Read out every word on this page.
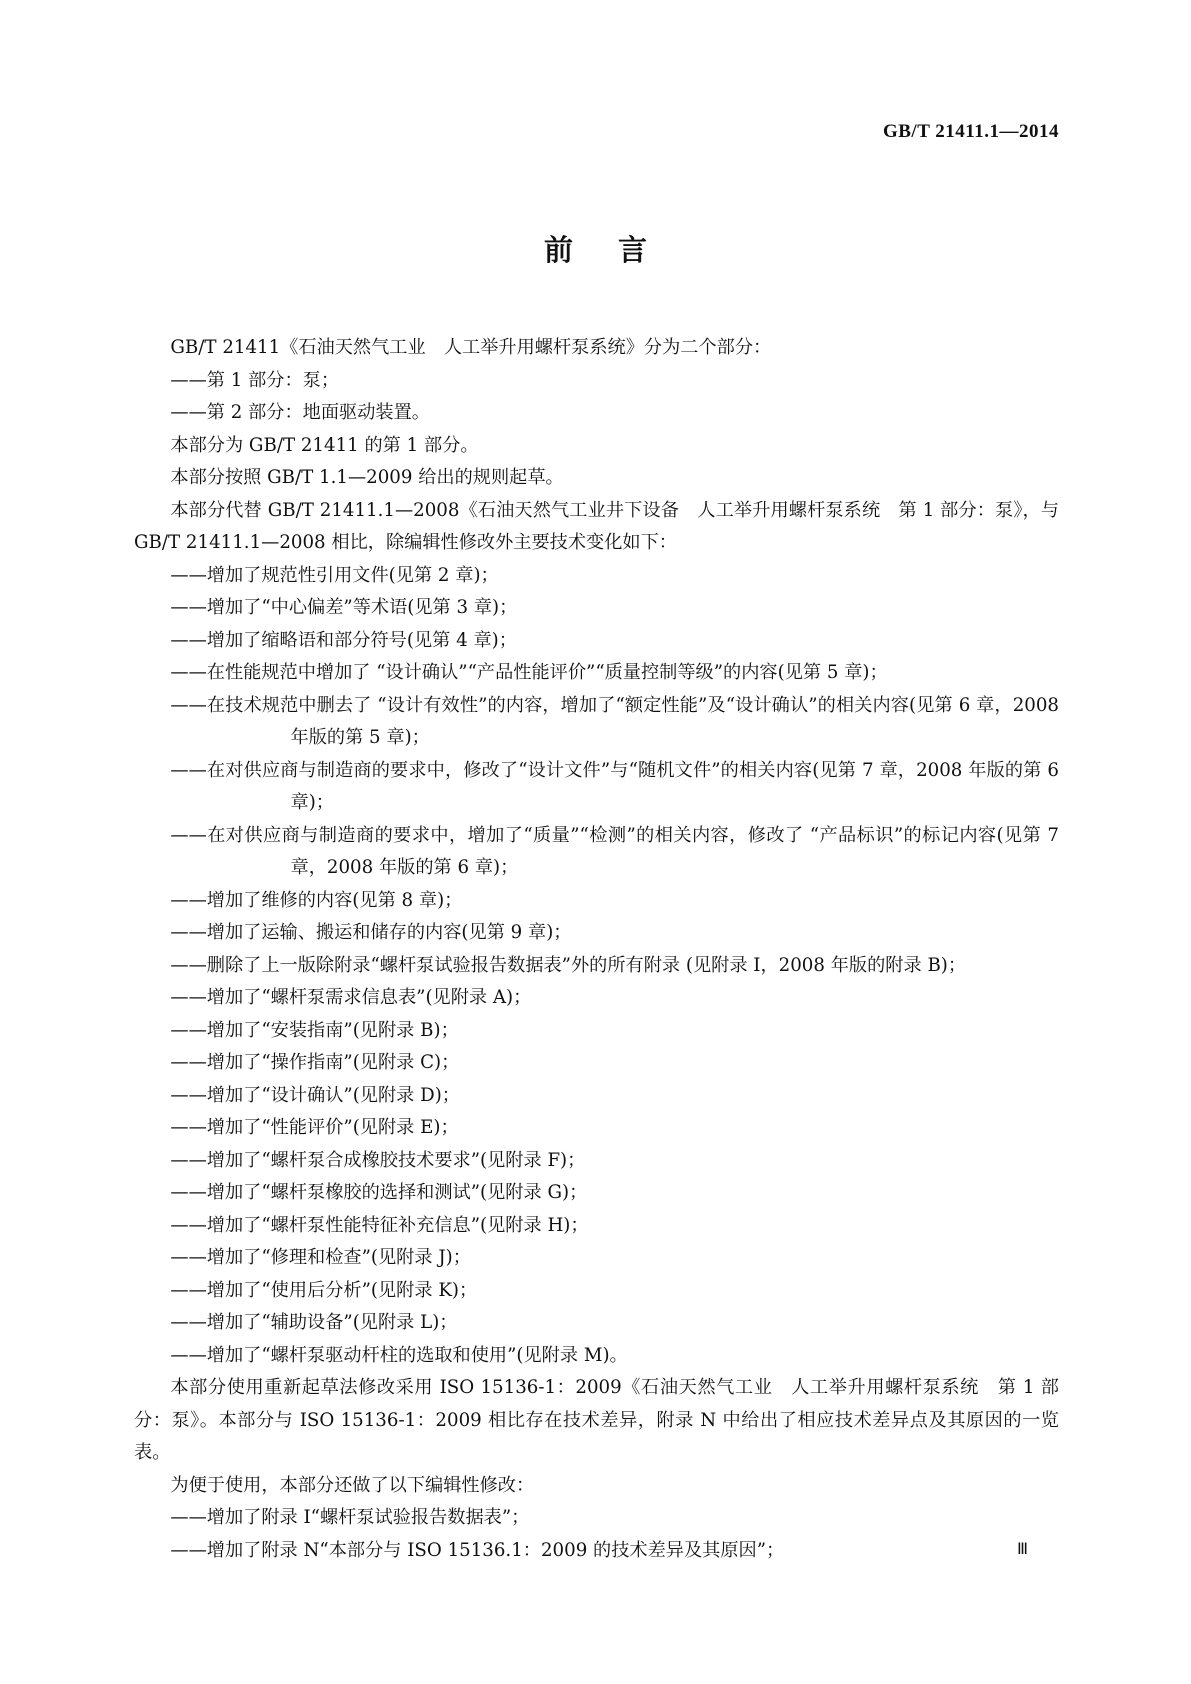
GB/T 21411.1—2014
前言

GB/T 21411《石油天然气工业　人工举升用螺杆泵系统》分为二个部分：

——第 1 部分：泵；

——第 2 部分：地面驱动装置。

本部分为 GB/T 21411 的第 1 部分。

本部分按照 GB/T 1.1—2009 给出的规则起草。

本部分代替 GB/T 21411.1—2008《石油天然气工业井下设备　人工举升用螺杆泵系统　第 1 部分：泵》，与 GB/T 21411.1—2008 相比，除编辑性修改外主要技术变化如下：

——增加了规范性引用文件(见第 2 章)；

——增加了“中心偏差”等术语(见第 3 章)；

——增加了缩略语和部分符号(见第 4 章)；

——在性能规范中增加了 “设计确认”“产品性能评价”“质量控制等级”的内容(见第 5 章)；

——在技术规范中删去了 “设计有效性”的内容，增加了“额定性能”及“设计确认”的相关内容(见第 6 章，2008 年版的第 5 章)；

——在对供应商与制造商的要求中，修改了“设计文件”与“随机文件”的相关内容(见第 7 章，2008 年版的第 6 章)；

——在对供应商与制造商的要求中，增加了“质量”“检测”的相关内容，修改了 “产品标识”的标记内容(见第 7 章，2008 年版的第 6 章)；

——增加了维修的内容(见第 8 章)；

——增加了运输、搬运和储存的内容(见第 9 章)；

——删除了上一版除附录“螺杆泵试验报告数据表”外的所有附录 (见附录 I，2008 年版的附录 B)；

——增加了“螺杆泵需求信息表”(见附录 A)；

——增加了“安装指南”(见附录 B)；

——增加了“操作指南”(见附录 C)；

——增加了“设计确认”(见附录 D)；

——增加了“性能评价”(见附录 E)；

——增加了“螺杆泵合成橡胶技术要求”(见附录 F)；

——增加了“螺杆泵橡胶的选择和测试”(见附录 G)；

——增加了“螺杆泵性能特征补充信息”(见附录 H)；

——增加了“修理和检查”(见附录 J)；

——增加了“使用后分析”(见附录 K)；

——增加了“辅助设备”(见附录 L)；

——增加了“螺杆泵驱动杆柱的选取和使用”(见附录 M)。

本部分使用重新起草法修改采用 ISO 15136-1：2009《石油天然气工业　人工举升用螺杆泵系统　第 1 部分：泵》。本部分与 ISO 15136-1：2009 相比存在技术差异，附录 N 中给出了相应技术差异点及其原因的一览表。

为便于使用，本部分还做了以下编辑性修改：

——增加了附录 I“螺杆泵试验报告数据表”；

——增加了附录 N“本部分与 ISO 15136.1：2009 的技术差异及其原因”；	Ⅲ
